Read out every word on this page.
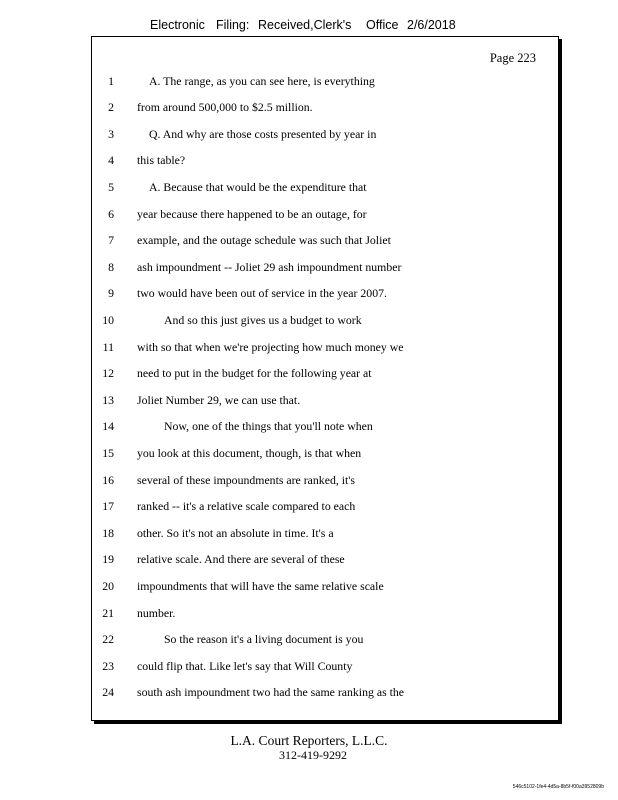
Electronic Filing: Received,Clerk's Office 2/6/2018
Page 223
1	A. The range, as you can see here, is everything
2 from around 500,000 to $2.5 million.
3	Q. And why are those costs presented by year in
4 this table?
5	A. Because that would be the expenditure that
6 year because there happened to be an outage, for
7 example, and the outage schedule was such that Joliet
8 ash impoundment -- Joliet 29 ash impoundment number
9 two would have been out of service in the year 2007.
10	And so this just gives us a budget to work
11 with so that when we're projecting how much money we
12 need to put in the budget for the following year at
13 Joliet Number 29, we can use that.
14	Now, one of the things that you'll note when
15 you look at this document, though, is that when
16 several of these impoundments are ranked, it's
17 ranked -- it's a relative scale compared to each
18 other. So it's not an absolute in time. It's a
19 relative scale. And there are several of these
20 impoundments that will have the same relative scale
21 number.
22	So the reason it's a living document is you
23 could flip that. Like let's say that Will County
24 south ash impoundment two had the same ranking as the
L.A. Court Reporters, L.L.C.
312-419-9292
546c5102-1fe4-4d5a-8b5f-f00a3952809b
